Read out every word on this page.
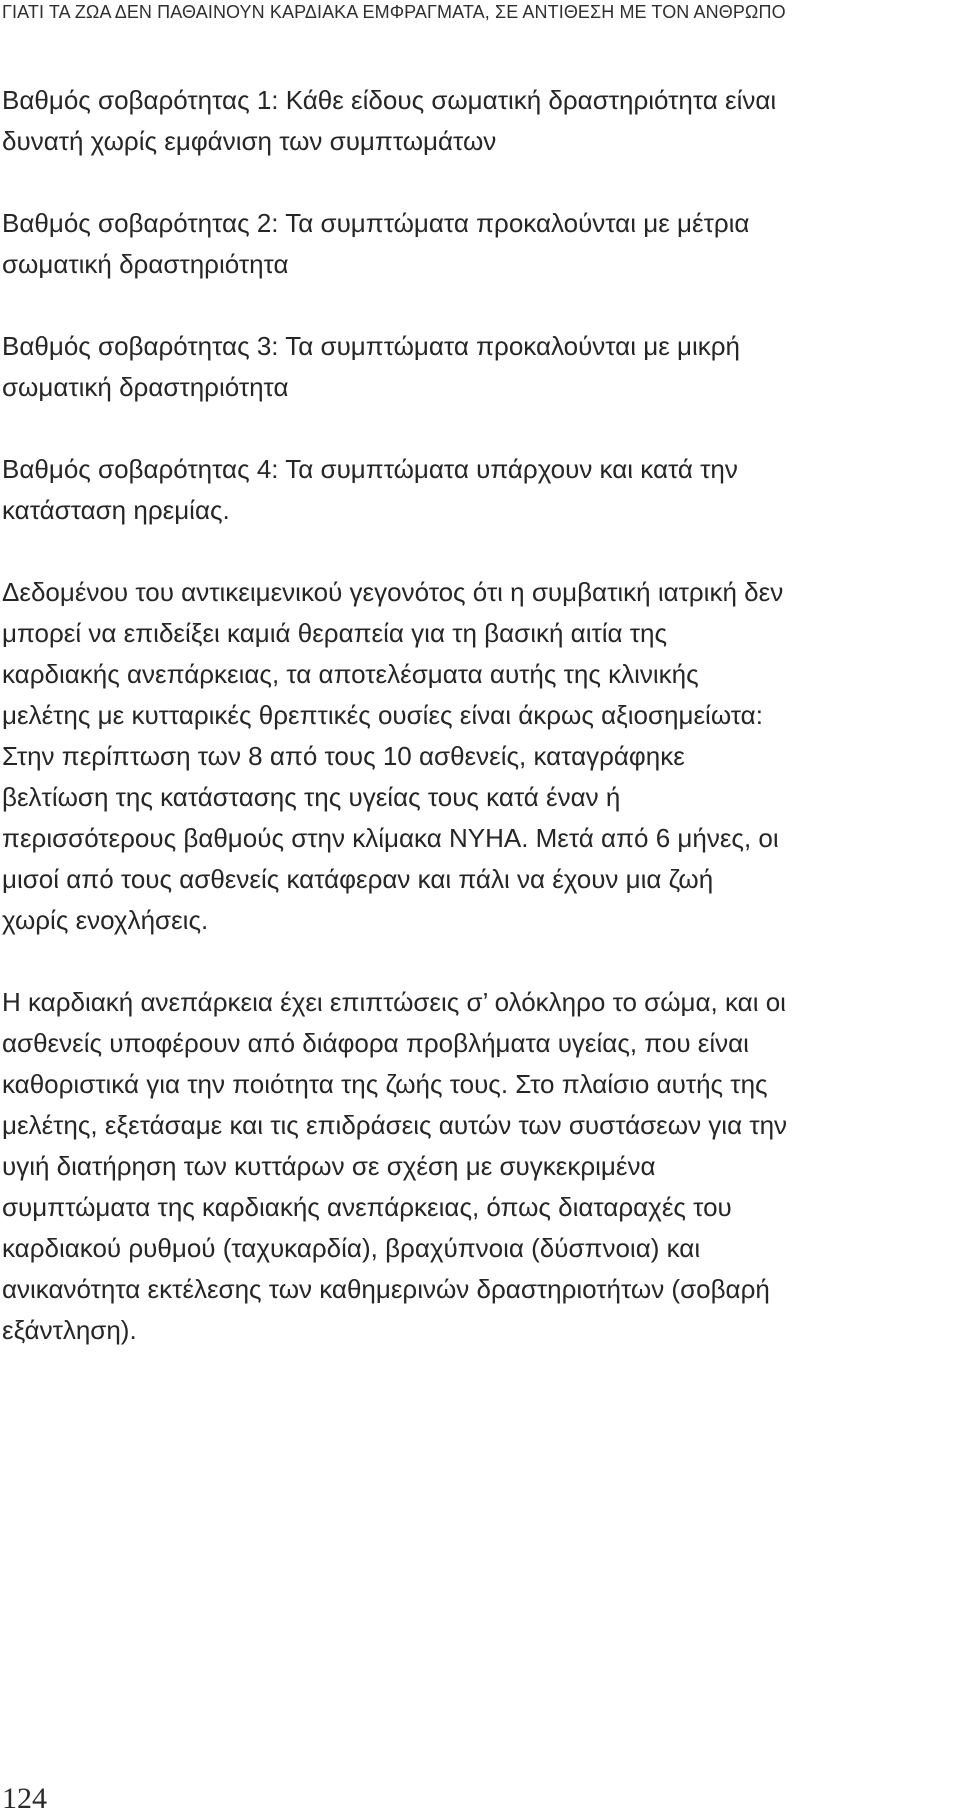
ΓΙΑΤΙ ΤΑ ΖΩΑ ΔΕΝ ΠΑΘΑΙΝΟΥΝ ΚΑΡΔΙΑΚΑ ΕΜΦΡΑΓΜΑΤΑ, ΣΕ ΑΝΤΙΘΕΣΗ ΜΕ ΤΟΝ ΑΝΘΡΩΠΟ

Βαθμός σοβαρότητας 1: Κάθε είδους σωματική δραστηριότητα είναι
δυνατή χωρίς εμφάνιση των συμπτωμάτων

Βαθμός σοβαρότητας 2: Τα συμπτώματα προκαλούνται με μέτρια
σωματική δραστηριότητα

Βαθμός σοβαρότητας 3: Τα συμπτώματα προκαλούνται με μικρή
σωματική δραστηριότητα

Βαθμός σοβαρότητας 4: Τα συμπτώματα υπάρχουν και κατά την
κατάσταση ηρεμίας.

Δεδομένου του αντικειμενικού γεγονότος ότι η συμβατική ιατρική δεν
μπορεί να επιδείξει καμιά θεραπεία για τη βασική αιτία της
καρδιακής ανεπάρκειας, τα αποτελέσματα αυτής της κλινικής
μελέτης με κυτταρικές θρεπτικές ουσίες είναι άκρως αξιοσημείωτα:
Στην περίπτωση των 8 από τους 10 ασθενείς, καταγράφηκε
βελτίωση της κατάστασης της υγείας τους κατά έναν ή
περισσότερους βαθμούς στην κλίμακα NYHA. Μετά από 6 μήνες, οι
μισοί από τους ασθενείς κατάφεραν και πάλι να έχουν μια ζωή
χωρίς ενοχλήσεις.

Η καρδιακή ανεπάρκεια έχει επιπτώσεις σ’ ολόκληρο το σώμα, και οι
ασθενείς υποφέρουν από διάφορα προβλήματα υγείας, που είναι
καθοριστικά για την ποιότητα της ζωής τους. Στο πλαίσιο αυτής της
μελέτης, εξετάσαμε και τις επιδράσεις αυτών των συστάσεων για την
υγιή διατήρηση των κυττάρων σε σχέση με συγκεκριμένα
συμπτώματα της καρδιακής ανεπάρκειας, όπως διαταραχές του
καρδιακού ρυθμού (ταχυκαρδία), βραχύπνοια (δύσπνοια) και
ανικανότητα εκτέλεσης των καθημερινών δραστηριοτήτων (σοβαρή
εξάντληση).

124
